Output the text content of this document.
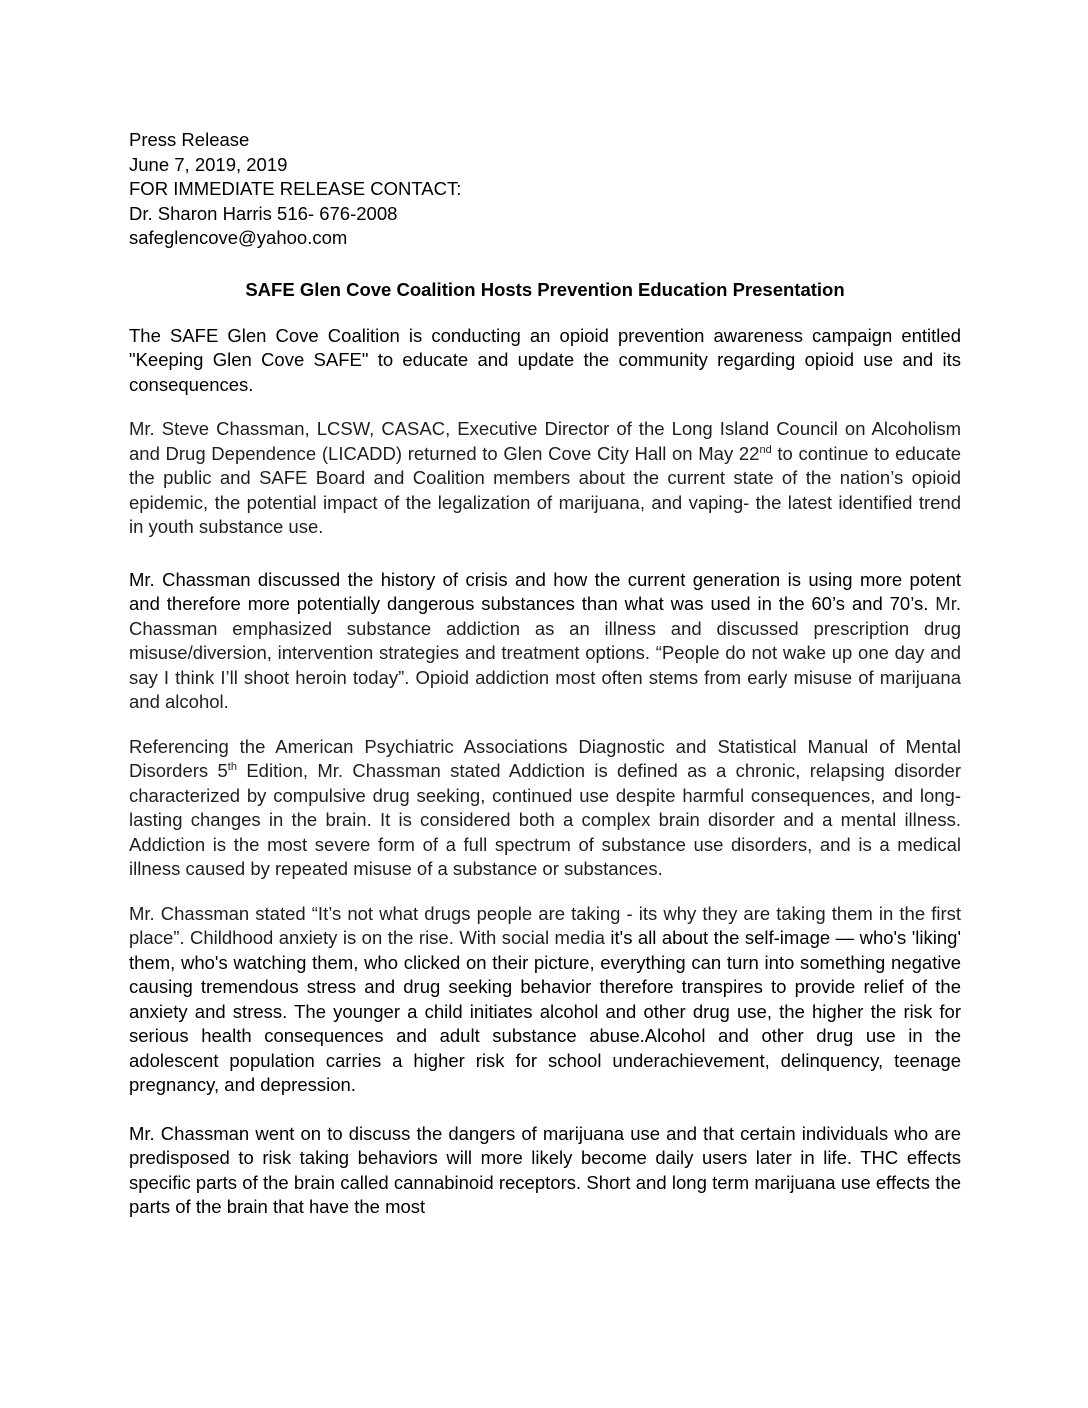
Press Release

June 7, 2019, 2019

FOR IMMEDIATE RELEASE CONTACT:

Dr. Sharon Harris 516- 676-2008

safeglencove@yahoo.com

SAFE Glen Cove Coalition Hosts Prevention Education Presentation

The SAFE Glen Cove Coalition is conducting an opioid prevention awareness campaign entitled "Keeping Glen Cove SAFE" to educate and update the community regarding opioid use and its consequences.

Mr. Steve Chassman, LCSW, CASAC, Executive Director of the Long Island Council on Alcoholism and Drug Dependence (LICADD) returned to Glen Cove City Hall on May 22nd to continue to educate the public and SAFE Board and Coalition members about the current state of the nation’s opioid epidemic, the potential impact of the legalization of marijuana, and vaping- the latest identified trend in youth substance use.

Mr. Chassman discussed the history of crisis and how the current generation is using more potent and therefore more potentially dangerous substances than what was used in the 60’s and 70’s. Mr. Chassman emphasized substance addiction as an illness and discussed prescription drug misuse/diversion, intervention strategies and treatment options. “People do not wake up one day and say I think I’ll shoot heroin today”. Opioid addiction most often stems from early misuse of marijuana and alcohol.

Referencing the American Psychiatric Associations Diagnostic and Statistical Manual of Mental Disorders 5th Edition, Mr. Chassman stated Addiction is defined as a chronic, relapsing disorder characterized by compulsive drug seeking, continued use despite harmful consequences, and long-lasting changes in the brain. It is considered both a complex brain disorder and a mental illness. Addiction is the most severe form of a full spectrum of substance use disorders, and is a medical illness caused by repeated misuse of a substance or substances.

Mr. Chassman stated “It’s not what drugs people are taking - its why they are taking them in the first place”. Childhood anxiety is on the rise. With social media it's all about the self-image — who's 'liking' them, who's watching them, who clicked on their picture, everything can turn into something negative causing tremendous stress and drug seeking behavior therefore transpires to provide relief of the anxiety and stress. The younger a child initiates alcohol and other drug use, the higher the risk for serious health consequences and adult substance abuse.Alcohol and other drug use in the adolescent population carries a higher risk for school underachievement, delinquency, teenage pregnancy, and depression.

Mr. Chassman went on to discuss the dangers of marijuana use and that certain individuals who are predisposed to risk taking behaviors will more likely become daily users later in life. THC effects specific parts of the brain called cannabinoid receptors. Short and long term marijuana use effects the parts of the brain that have the most
